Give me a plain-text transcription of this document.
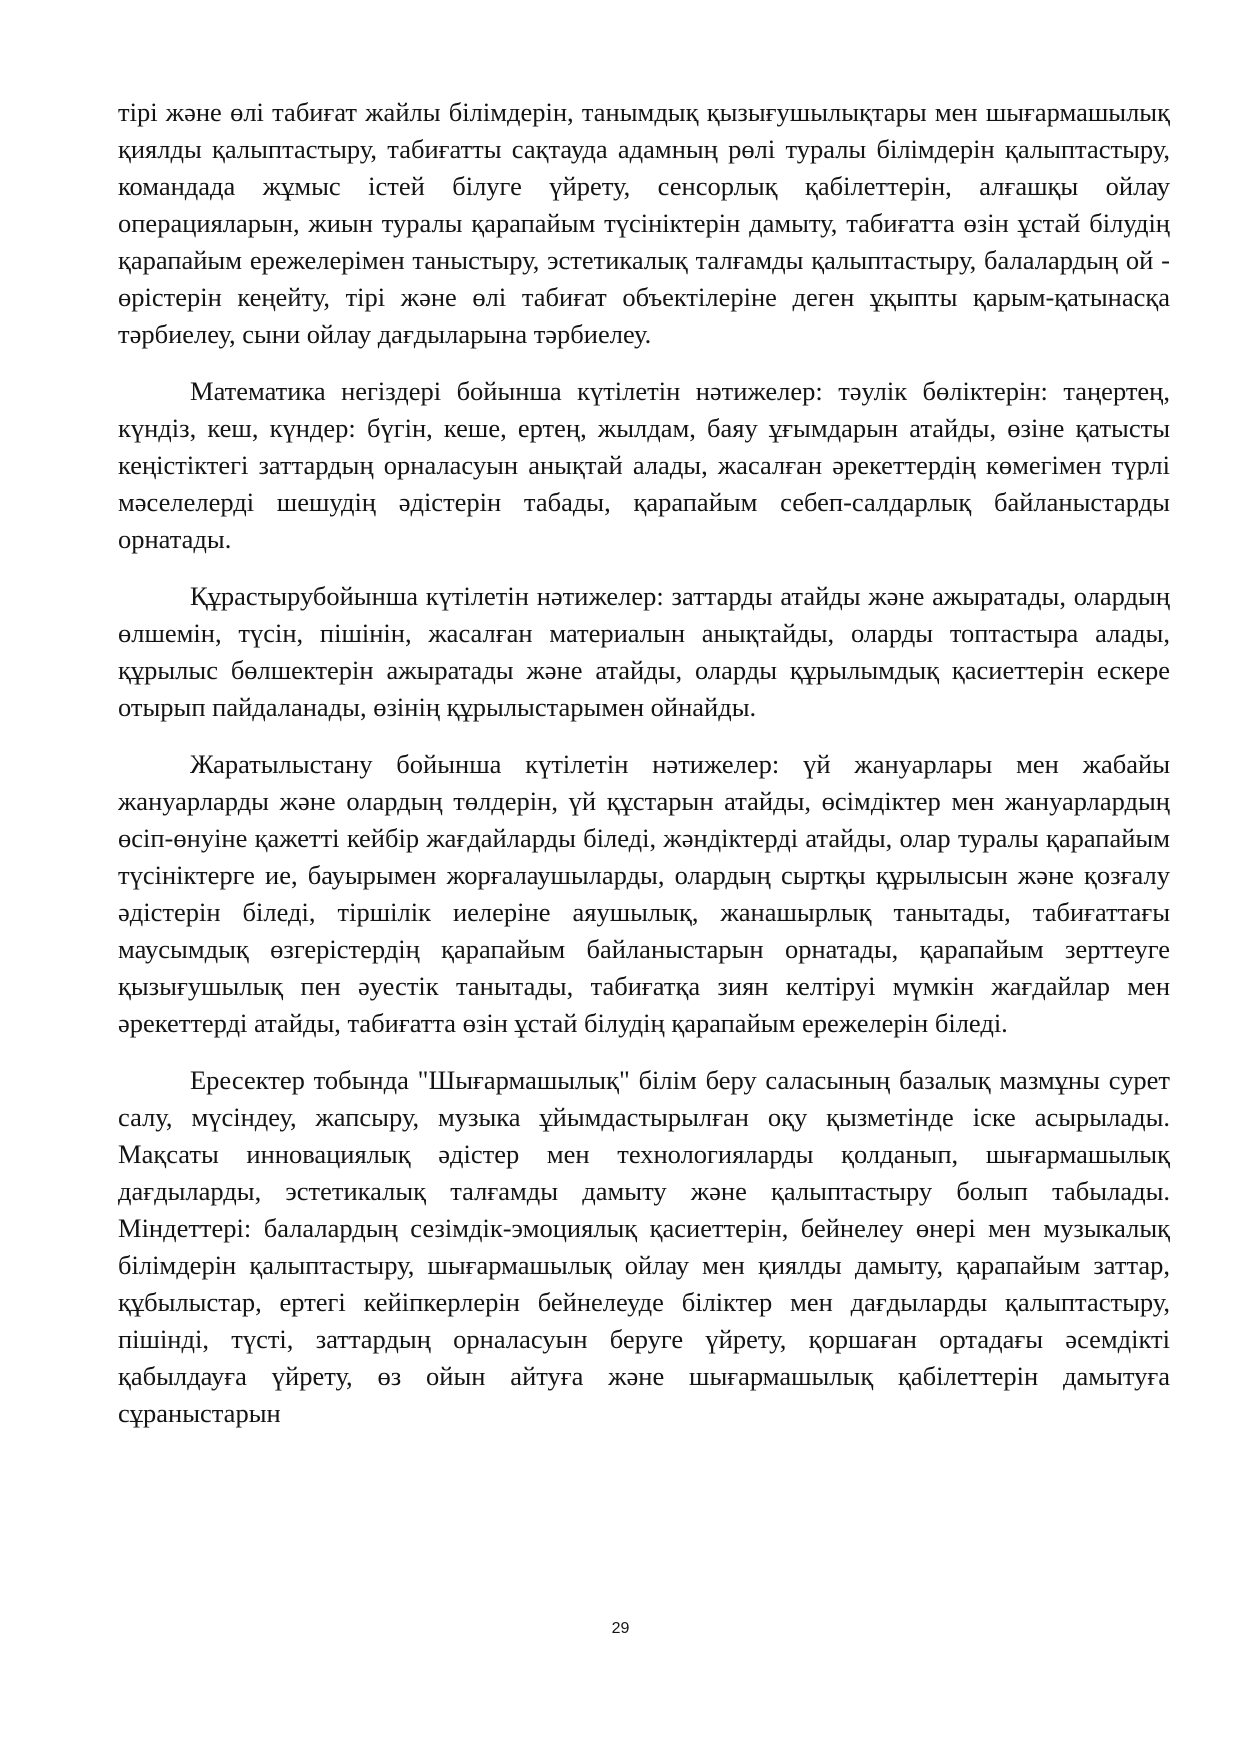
тірі және өлі табиғат жайлы білімдерін, танымдық қызығушылықтары мен шығармашылық қиялды қалыптастыру, табиғатты сақтауда адамның рөлі туралы білімдерін қалыптастыру, командада жұмыс істей білуге үйрету, сенсорлық қабілеттерін, алғашқы ойлау операцияларын, жиын туралы қарапайым түсініктерін дамыту, табиғатта өзін ұстай білудің қарапайым ережелерімен таныстыру, эстетикалық талғамды қалыптастыру, балалардың ой - өрістерін кеңейту, тірі және өлі табиғат объектілеріне деген ұқыпты қарым-қатынасқа тәрбиелеу, сыни ойлау дағдыларына тәрбиелеу.

Математика негіздері бойынша күтілетін нәтижелер: тәулік бөліктерін: таңертең, күндіз, кеш, күндер: бүгін, кеше, ертең, жылдам, баяу ұғымдарын атайды, өзіне қатысты кеңістіктегі заттардың орналасуын анықтай алады, жасалған әрекеттердің көмегімен түрлі мәселелерді шешудің әдістерін табады, қарапайым себеп-салдарлық байланыстарды орнатады.

Құрастырубойынша күтілетін нәтижелер: заттарды атайды және ажыратады, олардың өлшемін, түсін, пішінін, жасалған материалын анықтайды, оларды топтастыра алады, құрылыс бөлшектерін ажыратады және атайды, оларды құрылымдық қасиеттерін ескере отырып пайдаланады, өзінің құрылыстарымен ойнайды.

Жаратылыстану бойынша күтілетін нәтижелер: үй жануарлары мен жабайы жануарларды және олардың төлдерін, үй құстарын атайды, өсімдіктер мен жануарлардың өсіп-өнуіне қажетті кейбір жағдайларды біледі, жәндіктерді атайды, олар туралы қарапайым түсініктерге ие, бауырымен жорғалаушыларды, олардың сыртқы құрылысын және қозғалу әдістерін біледі, тіршілік иелеріне аяушылық, жанашырлық танытады, табиғаттағы маусымдық өзгерістердің қарапайым байланыстарын орнатады, қарапайым зерттеуге қызығушылық пен әуестік танытады, табиғатқа зиян келтіруі мүмкін жағдайлар мен әрекеттерді атайды, табиғатта өзін ұстай білудің қарапайым ережелерін біледі.

Ересектер тобында "Шығармашылық" білім беру саласының базалық мазмұны сурет салу, мүсіндеу, жапсыру, музыка ұйымдастырылған оқу қызметінде іске асырылады. Мақсаты инновациялық әдістер мен технологияларды қолданып, шығармашылық дағдыларды, эстетикалық талғамды дамыту және қалыптастыру болып табылады. Міндеттері: балалардың сезімдік-эмоциялық қасиеттерін, бейнелеу өнері мен музыкалық білімдерін қалыптастыру, шығармашылық ойлау мен қиялды дамыту, қарапайым заттар, құбылыстар, ертегі кейіпкерлерін бейнелеуде біліктер мен дағдыларды қалыптастыру, пішінді, түсті, заттардың орналасуын беруге үйрету, қоршаған ортадағы әсемдікті қабылдауға үйрету, өз ойын айтуға және шығармашылық қабілеттерін дамытуға сұраныстарын

29
